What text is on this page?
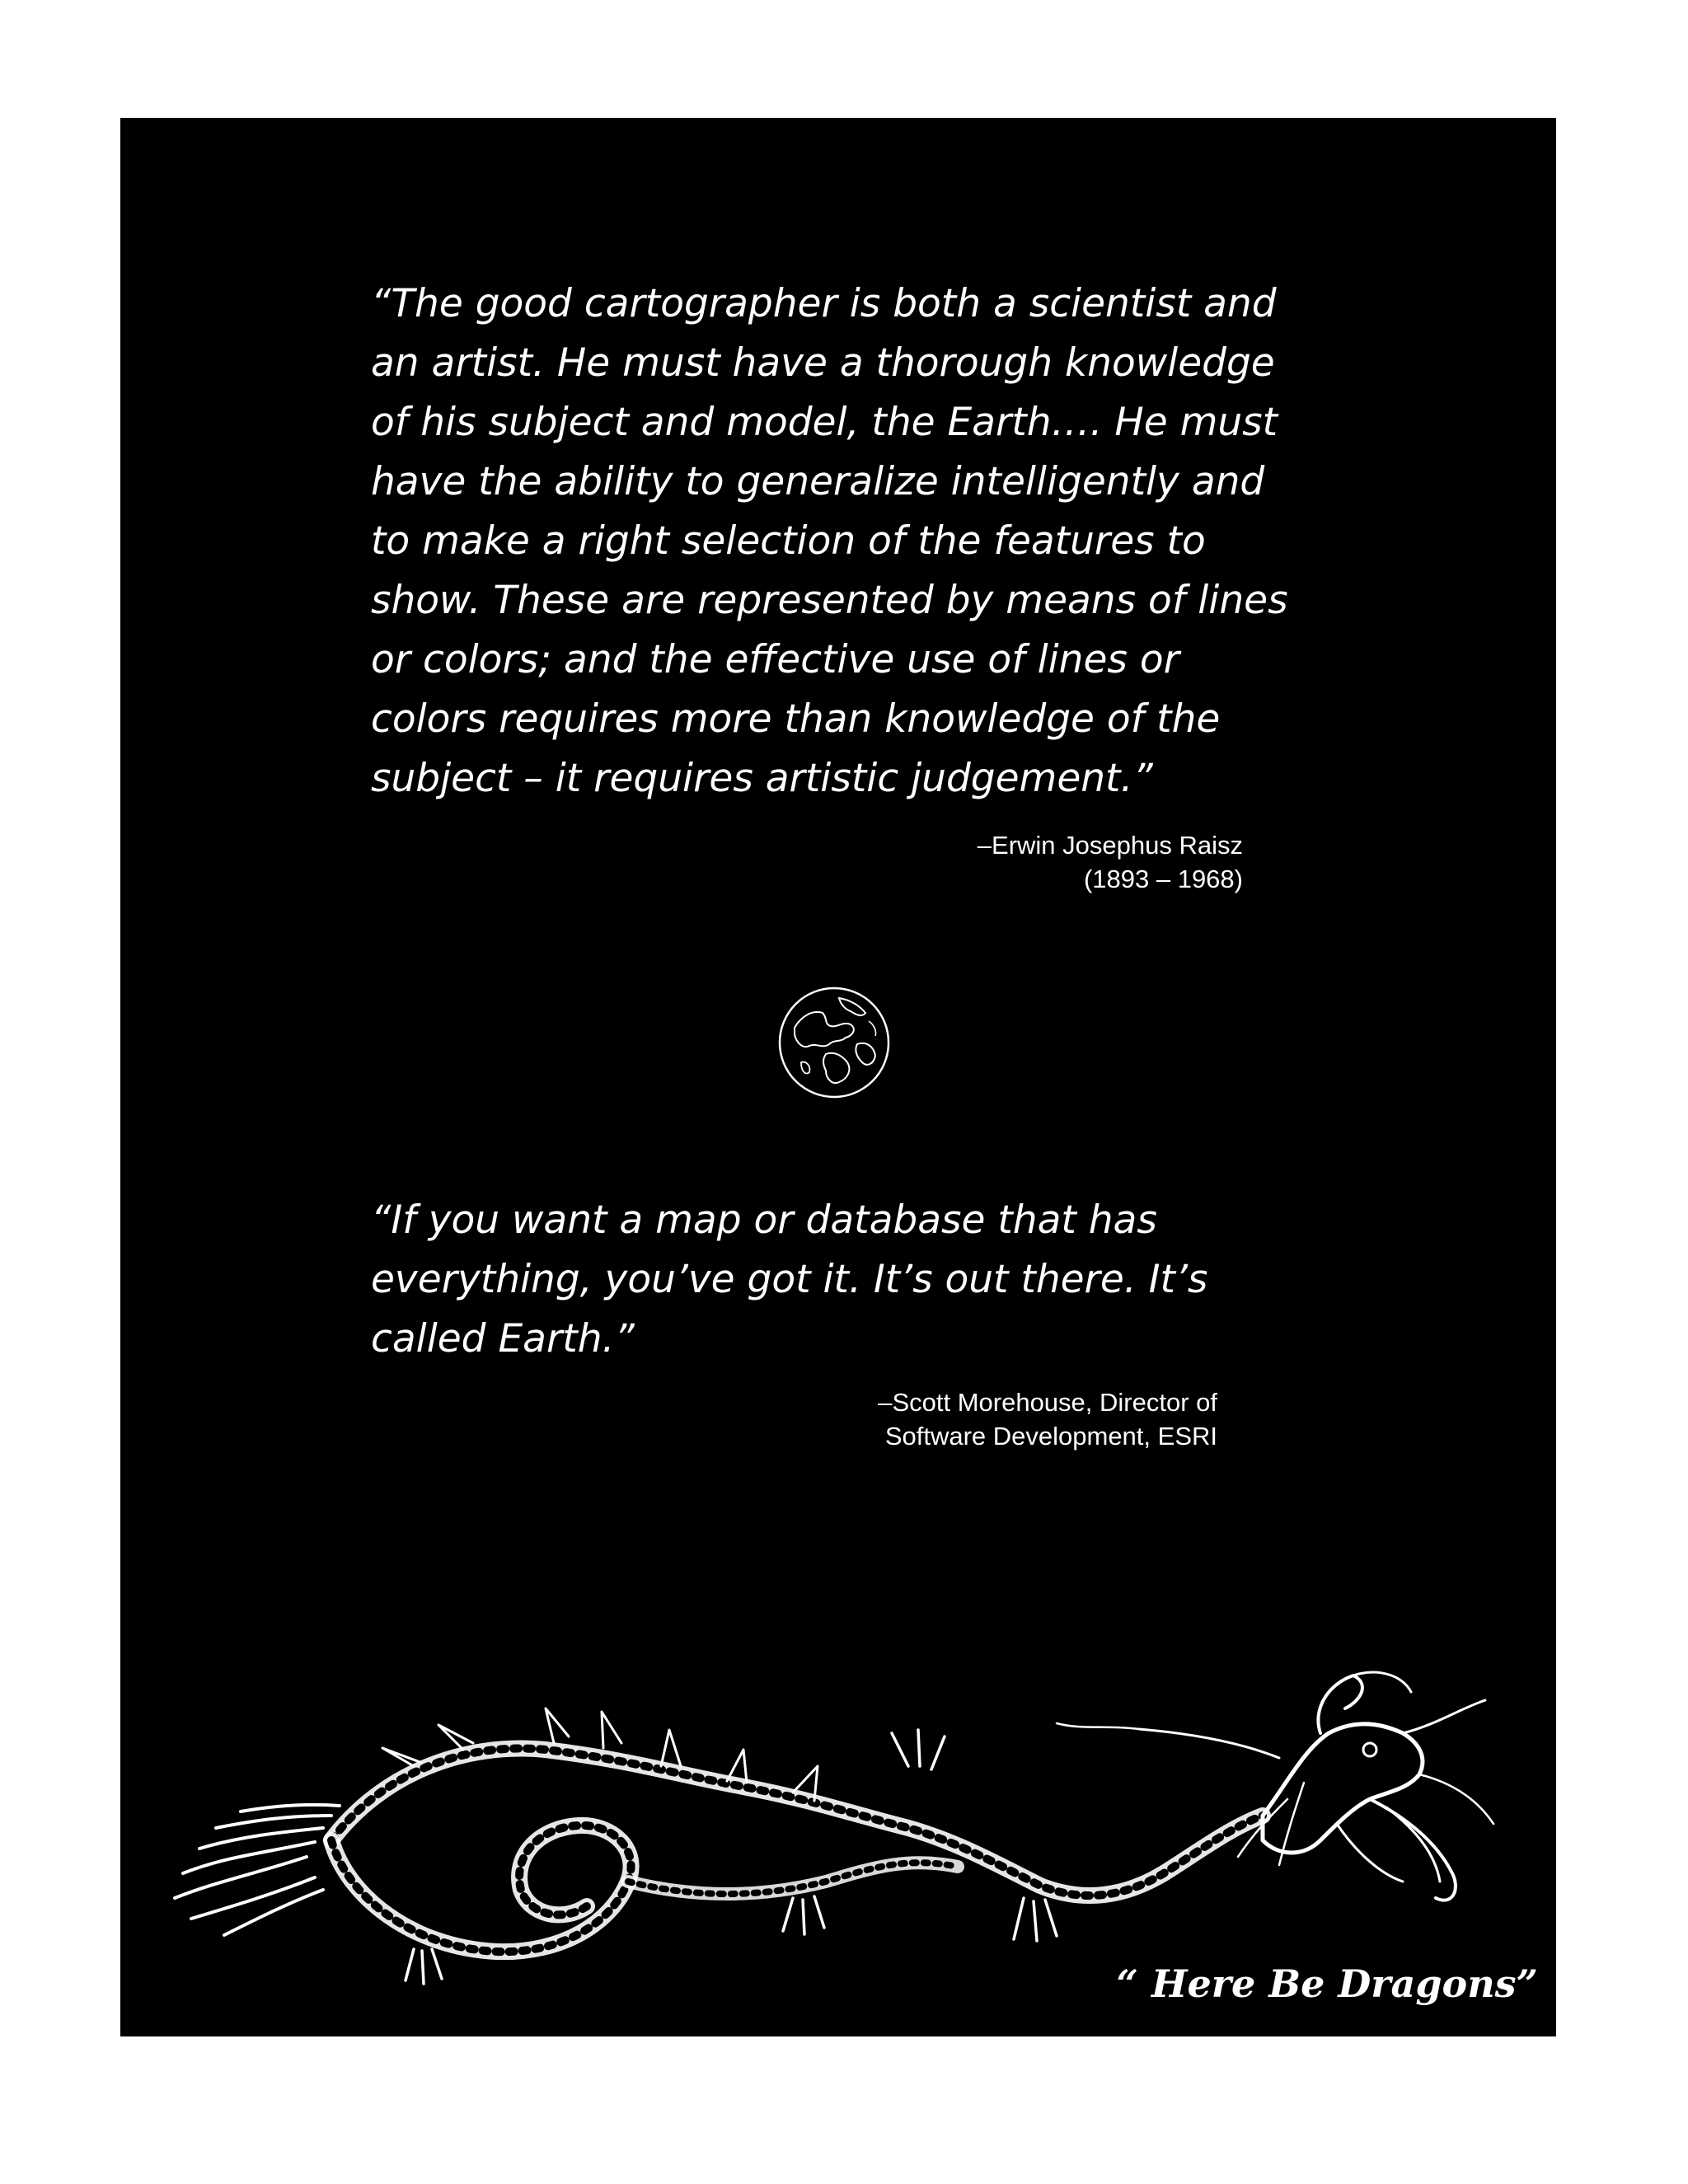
“The good cartographer is both a scientist and
an artist. He must have a thorough knowledge
of his subject and model, the Earth…. He must
have the ability to generalize intelligently and
to make a right selection of the features to
show. These are represented by means of lines
or colors; and the effective use of lines or
colors requires more than knowledge of the
subject – it requires artistic judgement.”

–Erwin Josephus Raisz
(1893 – 1968)

“If you want a map or database that has
everything, you’ve got it. It’s out there. It’s
called Earth.”

–Scott Morehouse, Director of
Software Development, ESRI

“ Here Be Dragons”
